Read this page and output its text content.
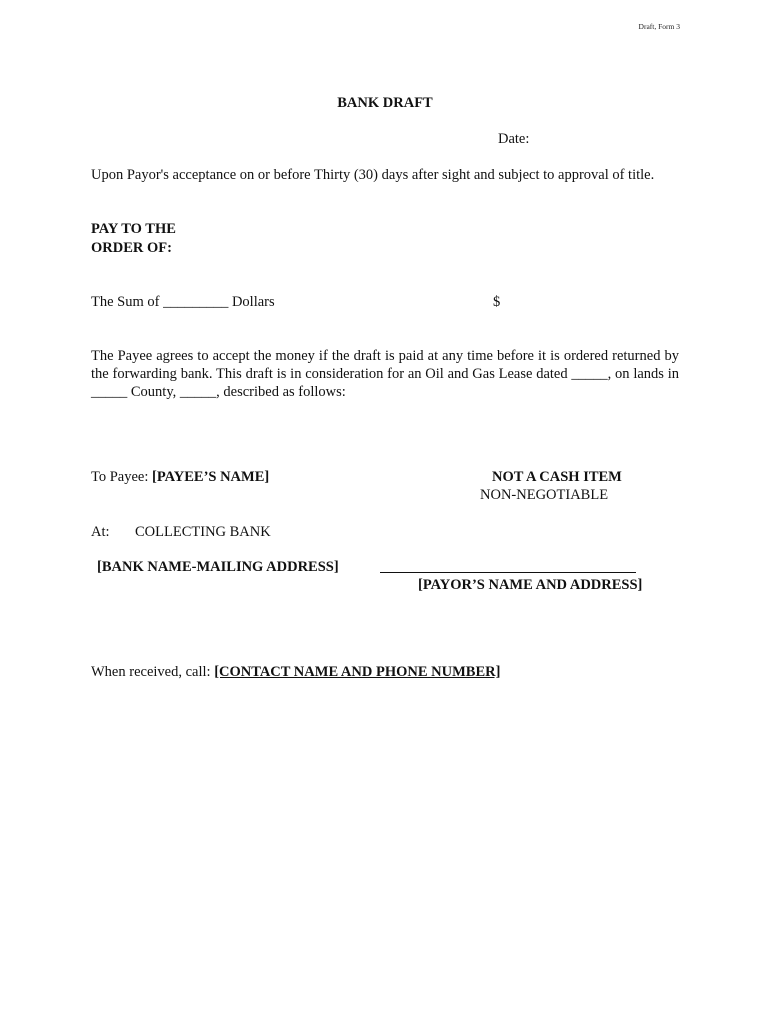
Draft, Form 3
BANK DRAFT
Date:
Upon Payor's acceptance on or before Thirty (30) days after sight and subject to approval of title.
PAY TO THE
ORDER OF:
The Sum of _________ Dollars	$
The Payee agrees to accept the money if the draft is paid at any time before it is ordered returned by the forwarding bank. This draft is in consideration for an Oil and Gas Lease dated _____, on lands in _____ County, _____, described as follows:
To Payee: [PAYEE’S NAME]	NOT A CASH ITEM
NON-NEGOTIABLE
At: COLLECTING BANK
[BANK NAME-MAILING ADDRESS]
[PAYOR’S NAME AND ADDRESS]
When received, call: [CONTACT NAME AND PHONE NUMBER]
